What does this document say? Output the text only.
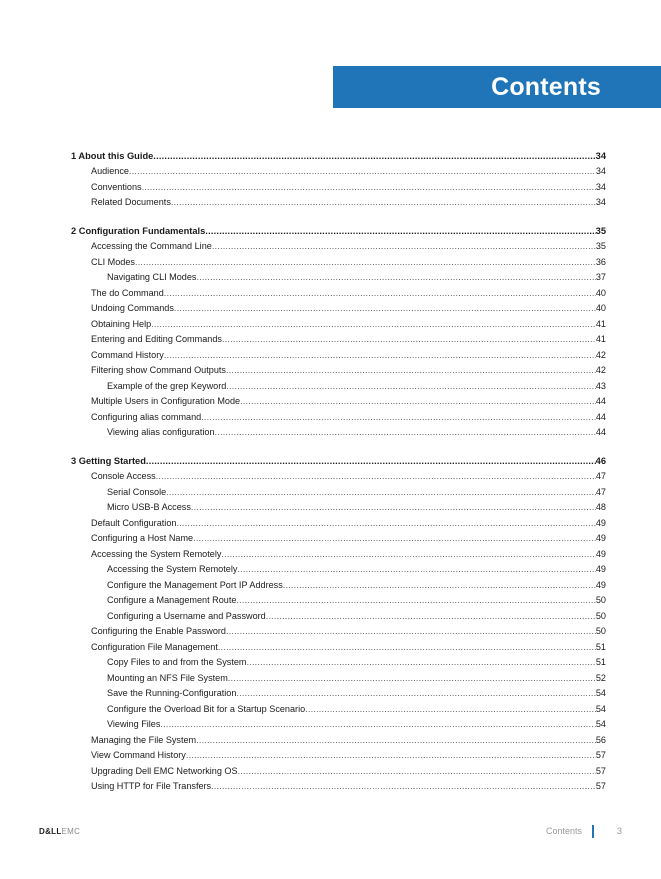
Contents
1 About this Guide .....	34
Audience .....	34
Conventions .....	34
Related Documents .....	34
2 Configuration Fundamentals .....	35
Accessing the Command Line .....	35
CLI Modes .....	36
Navigating CLI Modes .....	37
The do Command .....	40
Undoing Commands .....	40
Obtaining Help .....	41
Entering and Editing Commands .....	41
Command History .....	42
Filtering show Command Outputs .....	42
Example of the grep Keyword .....	43
Multiple Users in Configuration Mode .....	44
Configuring alias command .....	44
Viewing alias configuration .....	44
3 Getting Started .....	46
Console Access .....	47
Serial Console .....	47
Micro USB-B Access .....	48
Default Configuration .....	49
Configuring a Host Name .....	49
Accessing the System Remotely .....	49
Accessing the System Remotely .....	49
Configure the Management Port IP Address .....	49
Configure a Management Route .....	50
Configuring a Username and Password .....	50
Configuring the Enable Password .....	50
Configuration File Management .....	51
Copy Files to and from the System .....	51
Mounting an NFS File System .....	52
Save the Running-Configuration .....	54
Configure the Overload Bit for a Startup Scenario .....	54
Viewing Files .....	54
Managing the File System .....	56
View Command History .....	57
Upgrading Dell EMC Networking OS .....	57
Using HTTP for File Transfers .....	57
D&LLEMC	Contents	3
